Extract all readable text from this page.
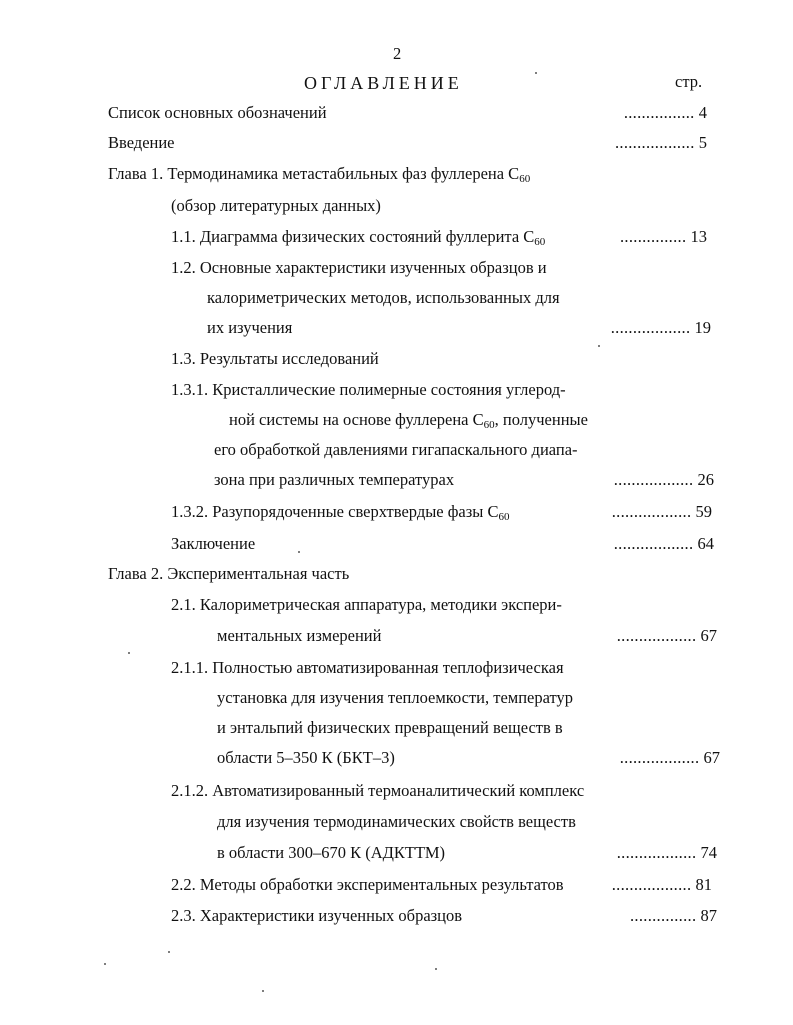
2
ОГЛАВЛЕНИЕ	стр.
Список основных обозначений	................ 4
Введение	.................. 5
Глава 1. Термодинамика метастабильных фаз фуллерена $С_{60}$
(обзор литературных данных)
1.1. Диаграмма физических состояний фуллерита $С_{60}$	............... 13
1.2. Основные характеристики изученных образцов и
калориметрических методов, использованных для
их изучения	.................. 19
1.3. Результаты исследований
1.3.1. Кристаллические полимерные состояния углерод-
ной системы на основе фуллерена $С_{60}$, полученные
его обработкой давлениями гигапаскального диапа-
зона при различных температурах	.................. 26
1.3.2. Разупорядоченные сверхтвердые фазы $С_{60}$	.................. 59
Заключение	.................. 64
Глава 2. Экспериментальная часть
2.1. Калориметрическая аппаратура, методики экспери-
ментальных измерений	.................. 67
2.1.1. Полностью автоматизированная теплофизическая
установка для изучения теплоемкости, температур
и энтальпий физических превращений веществ в
области 5–350 К (БКТ–3)	.................. 67
2.1.2. Автоматизированный термоаналитический комплекс
для изучения термодинамических свойств веществ
в области 300–670 К (АДКТТМ)	.................. 74
2.2. Методы обработки экспериментальных результатов	.................. 81
2.3. Характеристики изученных образцов	............... 87
